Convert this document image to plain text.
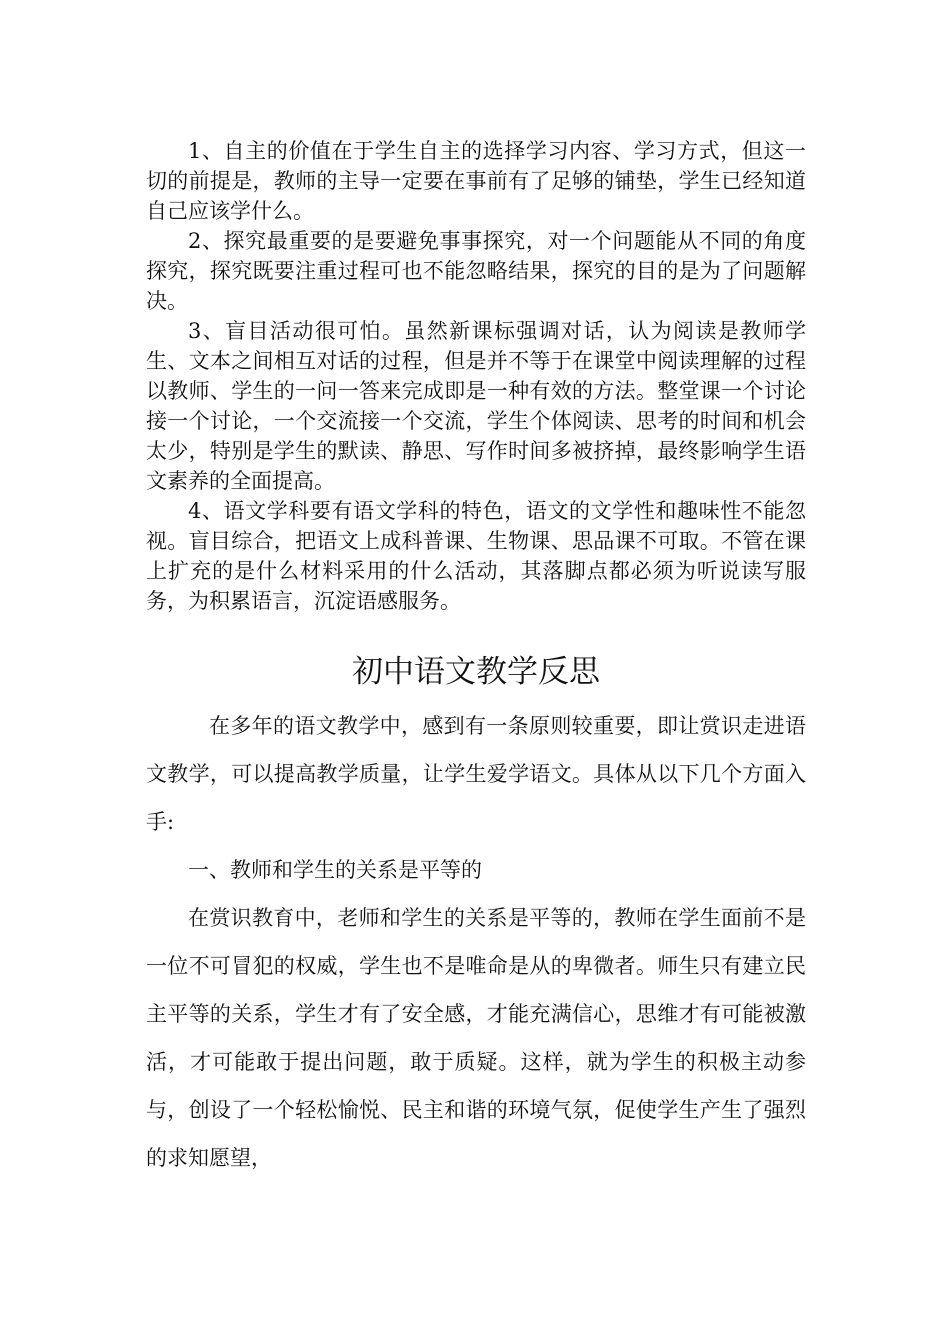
1、自主的价值在于学生自主的选择学习内容、学习方式，但这一切的前提是，教师的主导一定要在事前有了足够的铺垫，学生已经知道自己应该学什么。

2、探究最重要的是要避免事事探究，对一个问题能从不同的角度探究，探究既要注重过程可也不能忽略结果，探究的目的是为了问题解决。

3、盲目活动很可怕。虽然新课标强调对话，认为阅读是教师学生、文本之间相互对话的过程，但是并不等于在课堂中阅读理解的过程以教师、学生的一问一答来完成即是一种有效的方法。整堂课一个讨论接一个讨论，一个交流接一个交流，学生个体阅读、思考的时间和机会太少，特别是学生的默读、静思、写作时间多被挤掉，最终影响学生语文素养的全面提高。

4、语文学科要有语文学科的特色，语文的文学性和趣味性不能忽视。盲目综合，把语文上成科普课、生物课、思品课不可取。不管在课上扩充的是什么材料采用的什么活动，其落脚点都必须为听说读写服务，为积累语言，沉淀语感服务。

初中语文教学反思

在多年的语文教学中，感到有一条原则较重要，即让赏识走进语文教学，可以提高教学质量，让学生爱学语文。具体从以下几个方面入手:

一、教师和学生的关系是平等的

在赏识教育中，老师和学生的关系是平等的，教师在学生面前不是一位不可冒犯的权威，学生也不是唯命是从的卑微者。师生只有建立民主平等的关系，学生才有了安全感，才能充满信心，思维才有可能被激活，才可能敢于提出问题，敢于质疑。这样，就为学生的积极主动参与，创设了一个轻松愉悦、民主和谐的环境气氛，促使学生产生了强烈的求知愿望，
